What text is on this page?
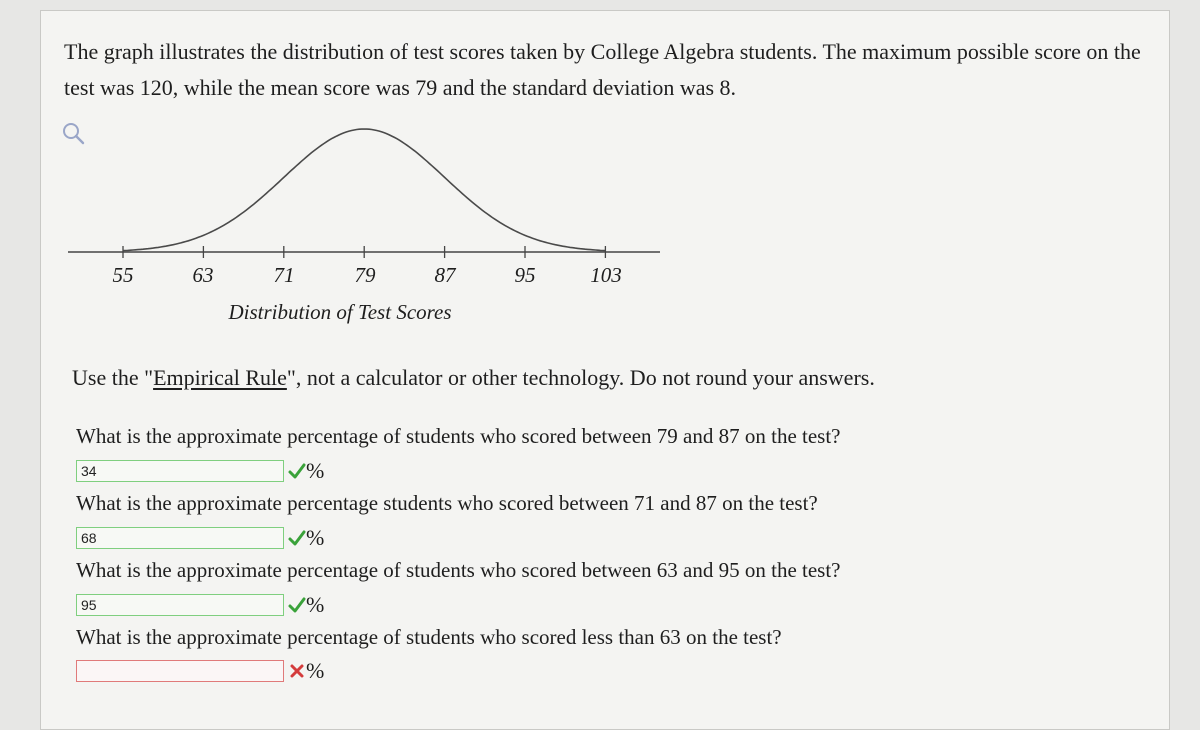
The graph illustrates the distribution of test scores taken by College Algebra students. The maximum possible score on the test was 120, while the mean score was 79 and the standard deviation was 8.

55	63	71	79	87	95	103
Distribution of Test Scores

Use the "Empirical Rule", not a calculator or other technology. Do not round your answers.

What is the approximate percentage of students who scored between 79 and 87 on the test?

34
%

What is the approximate percentage students who scored between 71 and 87 on the test?

68
%

What is the approximate percentage of students who scored between 63 and 95 on the test?

95
%

What is the approximate percentage of students who scored less than 63 on the test?

%
